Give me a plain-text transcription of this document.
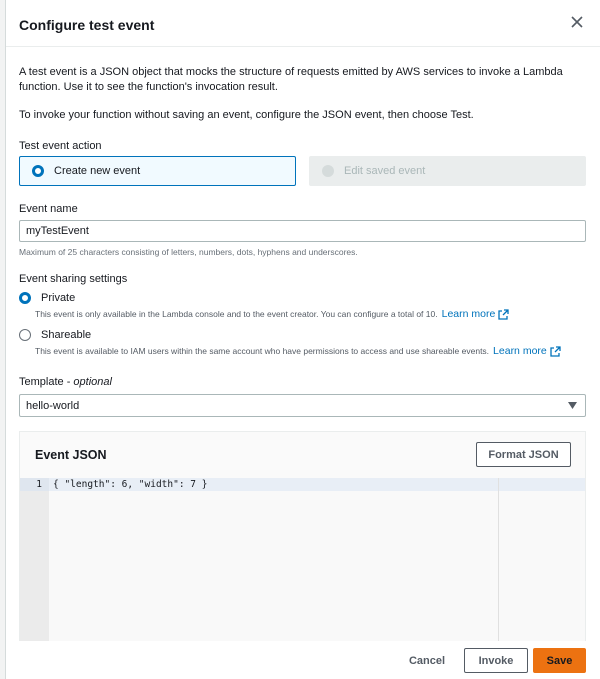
Configure test event
A test event is a JSON object that mocks the structure of requests emitted by AWS services to invoke a Lambda function. Use it to see the function's invocation result.
To invoke your function without saving an event, configure the JSON event, then choose Test.
Test event action
Create new event	Edit saved event
Event name
myTestEvent
Maximum of 25 characters consisting of letters, numbers, dots, hyphens and underscores.
Event sharing settings
Private
This event is only available in the Lambda console and to the event creator. You can configure a total of 10. Learn more
Shareable
This event is available to IAM users within the same account who have permissions to access and use shareable events. Learn more
Template - optional
hello-world
Event JSON	Format JSON
1 { "length": 6, "width": 7 }
Cancel	Invoke	Save
